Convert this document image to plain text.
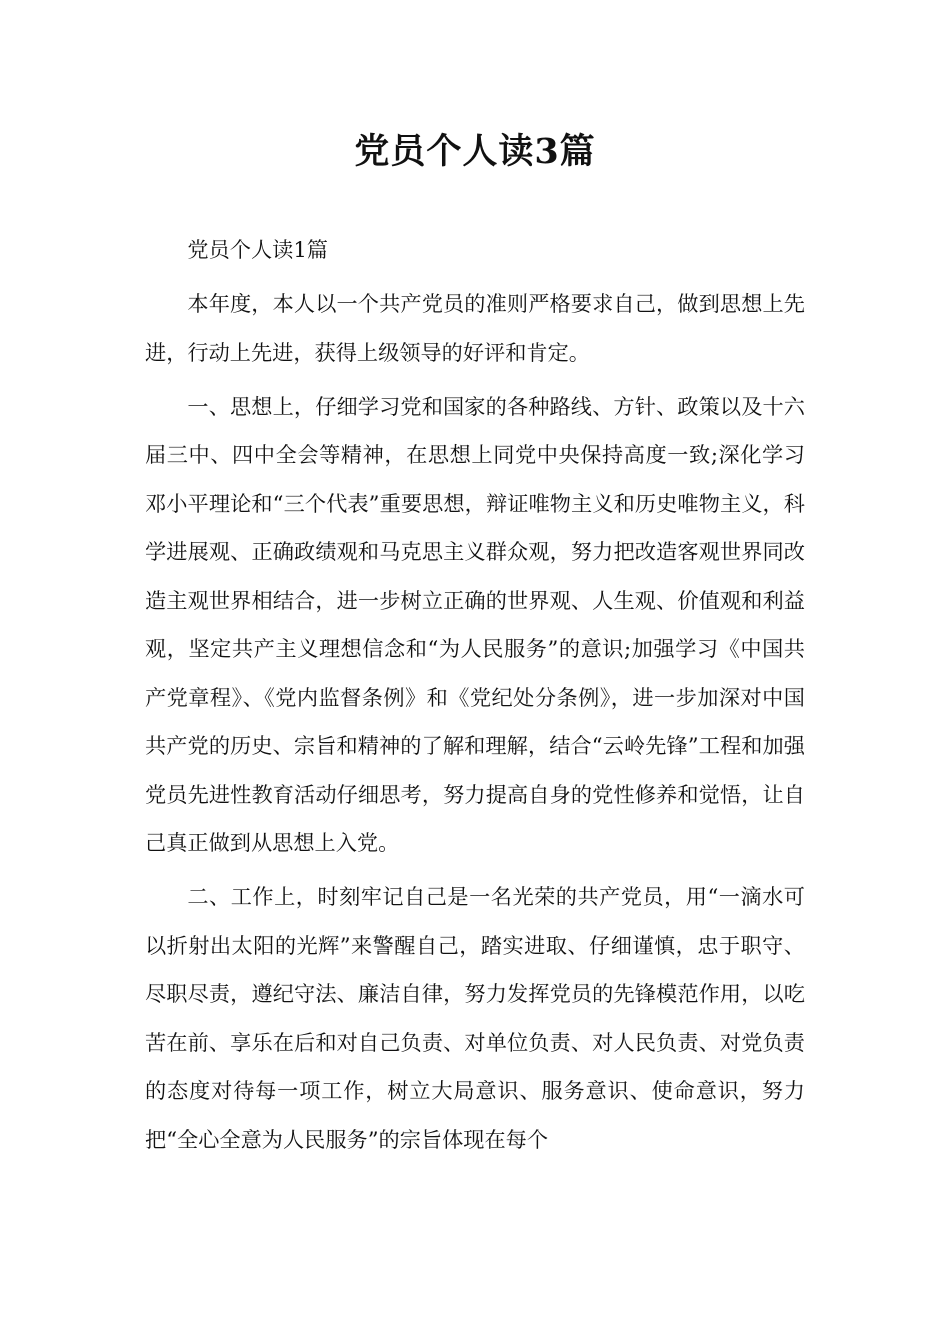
党员个人读3篇

党员个人读1篇

本年度，本人以一个共产党员的准则严格要求自己，做到思想上先进，行动上先进，获得上级领导的好评和肯定。

一、思想上，仔细学习党和国家的各种路线、方针、政策以及十六届三中、四中全会等精神，在思想上同党中央保持高度一致;深化学习邓小平理论和“三个代表”重要思想，辩证唯物主义和历史唯物主义，科学进展观、正确政绩观和马克思主义群众观，努力把改造客观世界同改造主观世界相结合，进一步树立正确的世界观、人生观、价值观和利益观，坚定共产主义理想信念和“为人民服务”的意识;加强学习《中国共产党章程》、《党内监督条例》和《党纪处分条例》，进一步加深对中国共产党的历史、宗旨和精神的了解和理解，结合“云岭先锋”工程和加强党员先进性教育活动仔细思考，努力提高自身的党性修养和觉悟，让自己真正做到从思想上入党。

二、工作上，时刻牢记自己是一名光荣的共产党员，用“一滴水可以折射出太阳的光辉”来警醒自己，踏实进取、仔细谨慎，忠于职守、尽职尽责，遵纪守法、廉洁自律，努力发挥党员的先锋模范作用，以吃苦在前、享乐在后和对自己负责、对单位负责、对人民负责、对党负责的态度对待每一项工作，树立大局意识、服务意识、使命意识，努力把“全心全意为人民服务”的宗旨体现在每个
